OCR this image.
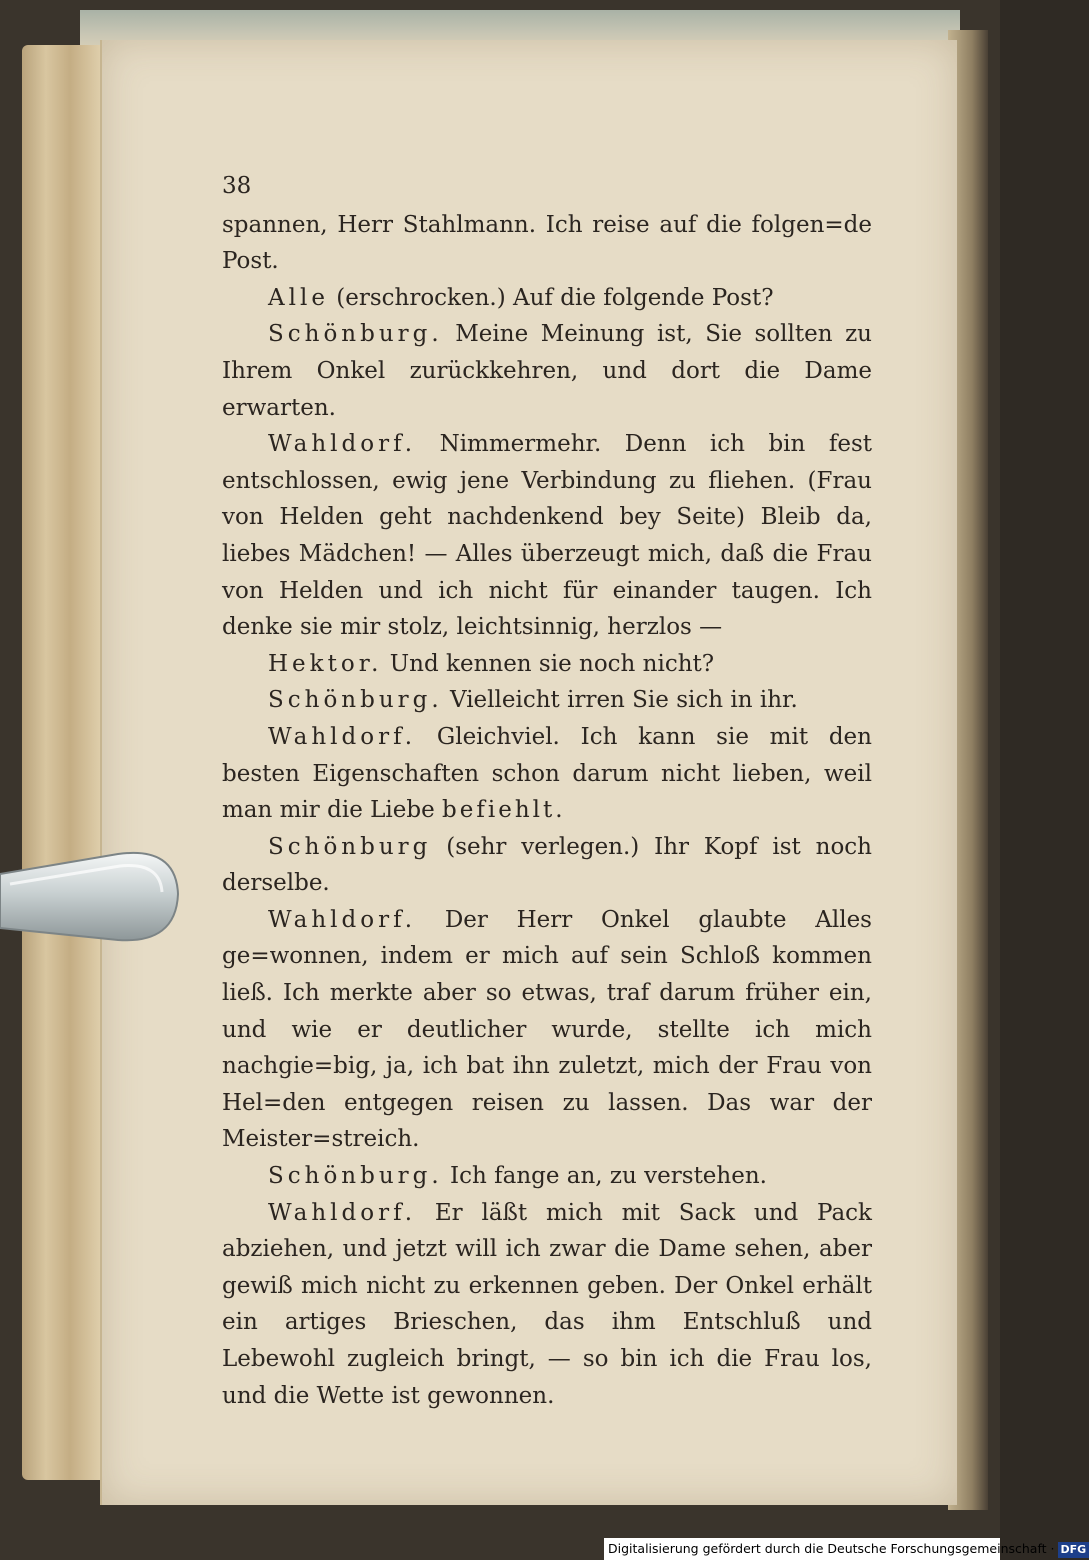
38

spannen, Herr Stahlmann. Ich reise auf die folgen=de Post.

Alle (erschrocken.) Auf die folgende Post?

Schönburg. Meine Meinung ist, Sie sollten zu Ihrem Onkel zurückkehren, und dort die Dame erwarten.

Wahldorf. Nimmermehr. Denn ich bin fest entschlossen, ewig jene Verbindung zu fliehen. (Frau von Helden geht nachdenkend bey Seite) Bleib da, liebes Mädchen! — Alles überzeugt mich, daß die Frau von Helden und ich nicht für einander taugen. Ich denke sie mir stolz, leichtsinnig, herzlos —

Hektor. Und kennen sie noch nicht?

Schönburg. Vielleicht irren Sie sich in ihr.

Wahldorf. Gleichviel. Ich kann sie mit den besten Eigenschaften schon darum nicht lieben, weil man mir die Liebe befiehlt.

Schönburg (sehr verlegen.) Ihr Kopf ist noch derselbe.

Wahldorf. Der Herr Onkel glaubte Alles ge=wonnen, indem er mich auf sein Schloß kommen ließ. Ich merkte aber so etwas, traf darum früher ein, und wie er deutlicher wurde, stellte ich mich nachgie=big, ja, ich bat ihn zuletzt, mich der Frau von Hel=den entgegen reisen zu lassen. Das war der Meister=streich.

Schönburg. Ich fange an, zu verstehen.

Wahldorf. Er läßt mich mit Sack und Pack abziehen, und jetzt will ich zwar die Dame sehen, aber gewiß mich nicht zu erkennen geben. Der Onkel erhält ein artiges Brieschen, das ihm Entschluß und Lebewohl zugleich bringt, — so bin ich die Frau los, und die Wette ist gewonnen.

Digitalisierung gefördert durch die Deutsche Forschungsgemeinschaft · DFG
